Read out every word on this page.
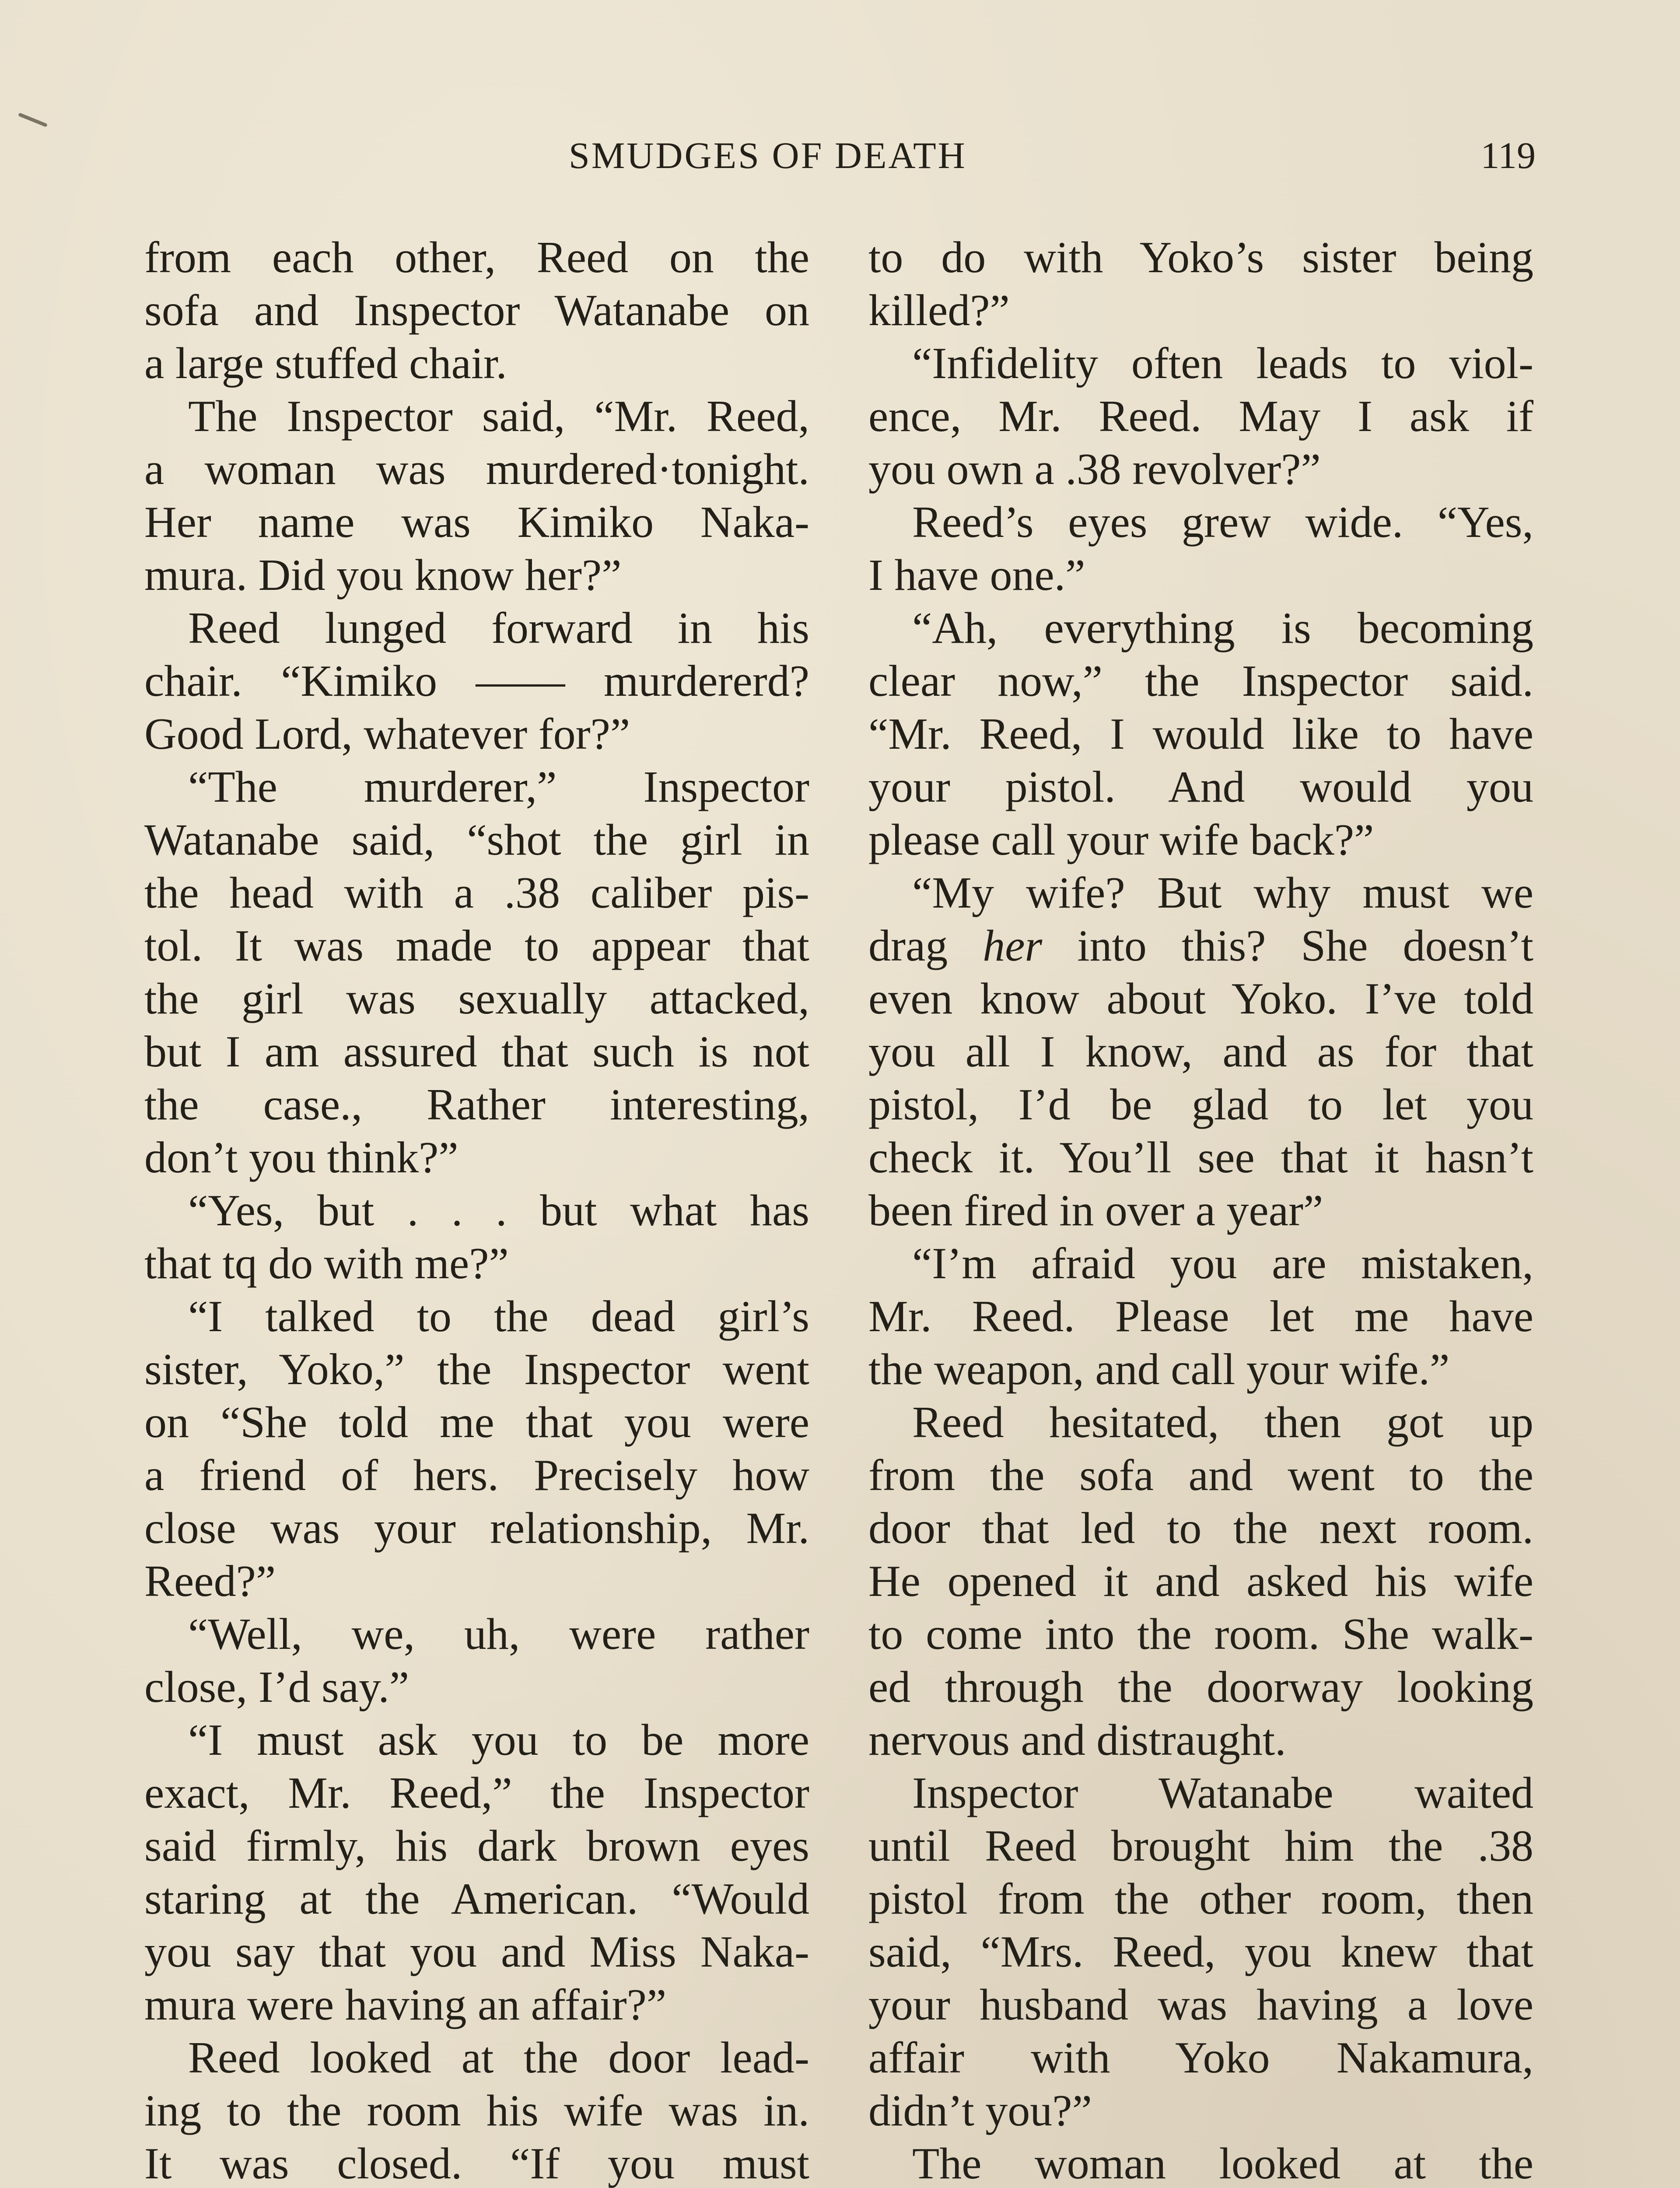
SMUDGES OF DEATH	119
from each other, Reed on the
sofa and Inspector Watanabe on
a large stuffed chair.
The Inspector said, “Mr. Reed,
a woman was murdered·tonight.
Her name was Kimiko Naka-
mura. Did you know her?”
Reed lunged forward in his
chair. “Kimiko —— murdererd?
Good Lord, whatever for?”
“The murderer,” Inspector
Watanabe said, “shot the girl in
the head with a .38 caliber pis-
tol. It was made to appear that
the girl was sexually attacked,
but I am assured that such is not
the case., Rather interesting,
don’t you think?”
“Yes, but . . . but what has
that tq do with me?”
“I talked to the dead girl’s
sister, Yoko,” the Inspector went
on “She told me that you were
a friend of hers. Precisely how
close was your relationship, Mr.
Reed?”
“Well, we, uh, were rather
close, I’d say.”
“I must ask you to be more
exact, Mr. Reed,” the Inspector
said firmly, his dark brown eyes
staring at the American. “Would
you say that you and Miss Naka-
mura were having an affair?”
Reed looked at the door lead-
ing to the room his wife was in.
It was closed. “If you must
to do with Yoko’s sister being
killed?”
“Infidelity often leads to viol-
ence, Mr. Reed. May I ask if
you own a .38 revolver?”
Reed’s eyes grew wide. “Yes,
I have one.”
“Ah, everything is becoming
clear now,” the Inspector said.
“Mr. Reed, I would like to have
your pistol. And would you
please call your wife back?”
“My wife? But why must we
drag her into this? She doesn’t
even know about Yoko. I’ve told
you all I know, and as for that
pistol, I’d be glad to let you
check it. You’ll see that it hasn’t
been fired in over a year”
“I’m afraid you are mistaken,
Mr. Reed. Please let me have
the weapon, and call your wife.”
Reed hesitated, then got up
from the sofa and went to the
door that led to the next room.
He opened it and asked his wife
to come into the room. She walk-
ed through the doorway looking
nervous and distraught.
Inspector Watanabe waited
until Reed brought him the .38
pistol from the other room, then
said, “Mrs. Reed, you knew that
your husband was having a love
affair with Yoko Nakamura,
didn’t you?”
The woman looked at the
